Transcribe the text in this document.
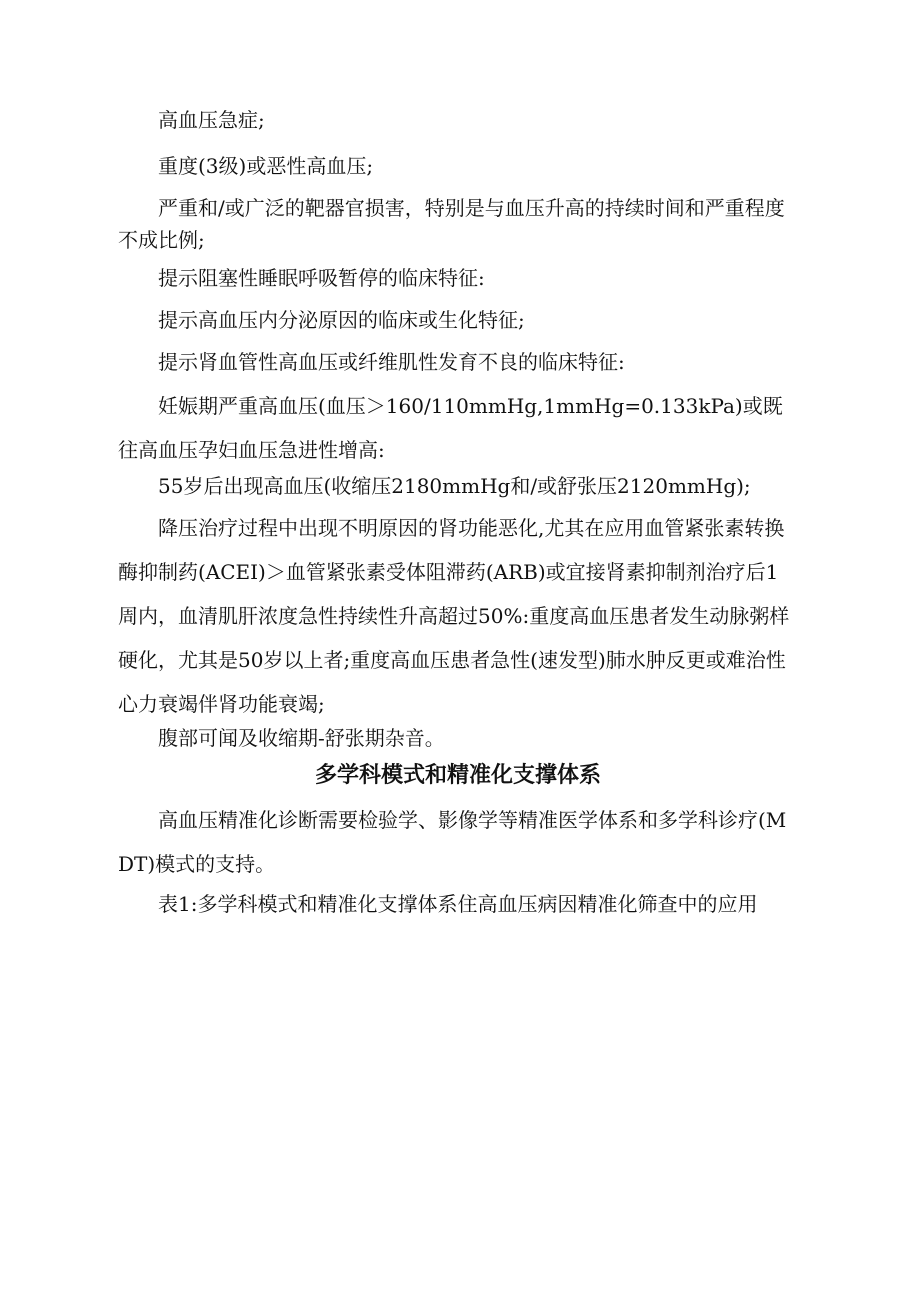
高血压急症;

重度(3级)或恶性高血压;

严重和/或广泛的靶器官损害，特别是与血压升高的持续时间和严重程度不成比例;

提示阻塞性睡眠呼吸暂停的临床特征:

提示高血压内分泌原因的临床或生化特征;

提示肾血管性高血压或纤维肌性发育不良的临床特征:

妊娠期严重高血压(血压＞160/110mmHg,1mmHg=0.133kPa)或既往高血压孕妇血压急进性增高:

55岁后出现高血压(收缩压2180mmHg和/或舒张压2120mmHg);

降压治疗过程中出现不明原因的肾功能恶化,尤其在应用血管紧张素转换酶抑制药(ACEI)＞血管紧张素受体阻滞药(ARB)或宜接肾素抑制剂治疗后1周内，血清肌肝浓度急性持续性升高超过50%:重度高血压患者发生动脉粥样硬化，尤其是50岁以上者;重度高血压患者急性(速发型)肺水肿反更或难治性心力衰竭伴肾功能衰竭;

腹部可闻及收缩期-舒张期杂音。

多学科模式和精准化支撑体系

高血压精准化诊断需要检验学、影像学等精准医学体系和多学科诊疗(MDT)模式的支持。

表1:多学科模式和精准化支撑体系住高血压病因精准化筛查中的应用
